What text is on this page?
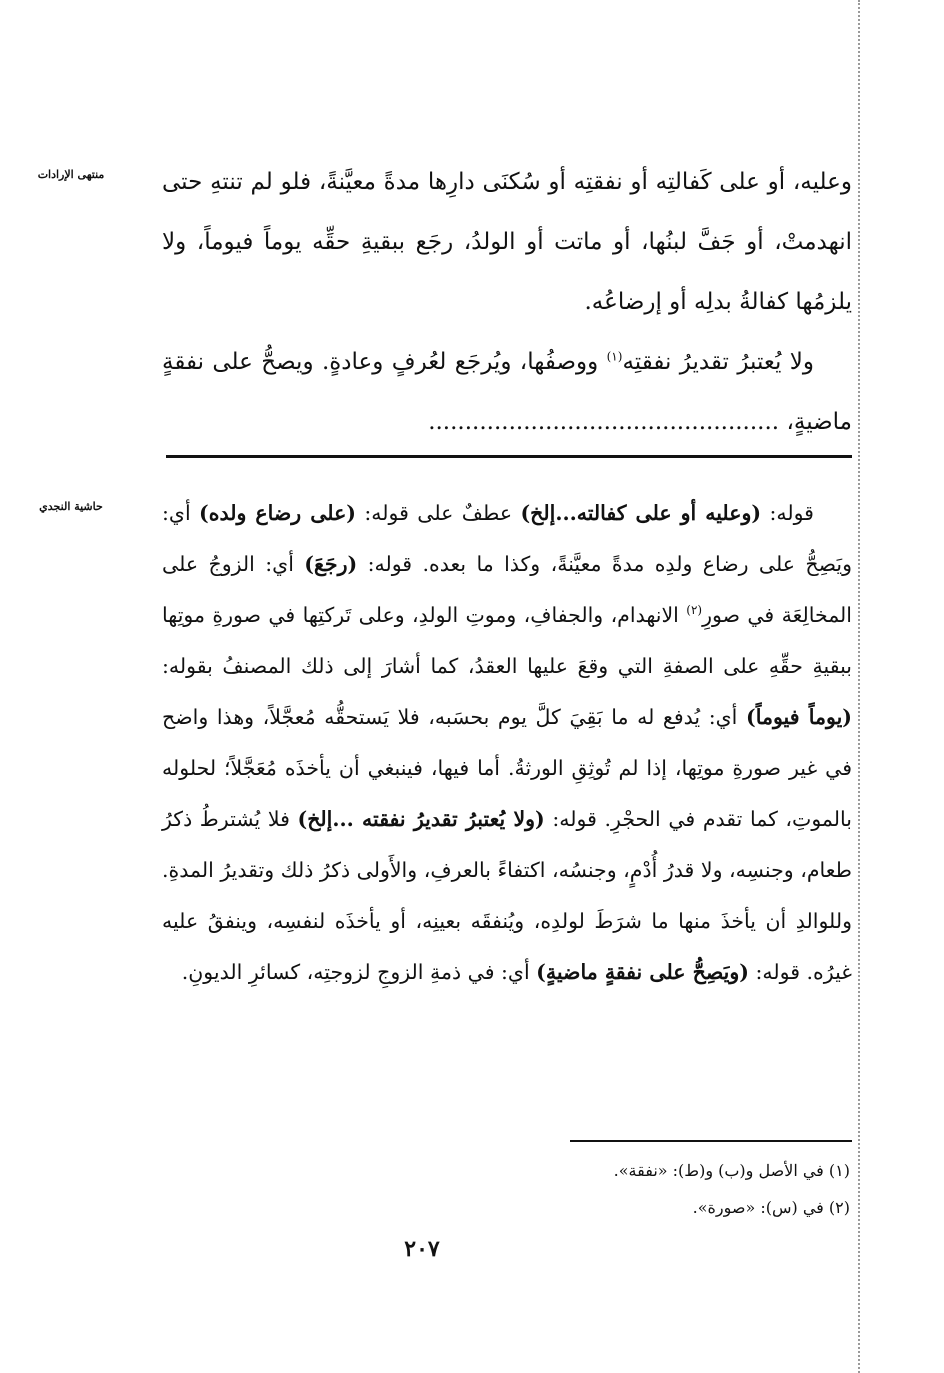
منتهى الإرادات
حاشية النجدي

وعليه، أو على كَفالتِه أو نفقتِه أو سُكنَى دارِها مدةً معيَّنةً، فلو لم تنتهِ حتى انهدمتْ، أو جَفَّ لبنُها، أو ماتت أو الولدُ، رجَع ببقيةِ حقِّه يوماً فيوماً، ولا يلزمُها كفالةُ بدلِه أو إرضاعُه.

ولا يُعتبرُ تقديرُ نفقتِه$^{(١)}$ ووصفُها، ويُرجَع لعُرفٍ وعادةٍ. ويصحُّ على نفقةٍ ماضيةٍ، ................................................

قوله: (وعليه أو على كفالته...إلخ) عطفٌ على قوله: (على رضاع ولده) أي: ويَصِحُّ على رضاع ولدِه مدةً معيَّنةً، وكذا ما بعده. قوله: (رجَعَ) أي: الزوجُ على المخالِعَة في صورِ$^{(٢)}$ الانهدام، والجفافِ، وموتِ الولدِ، وعلى تَركتِها في صورةِ موتِها ببقيةِ حقِّهِ على الصفةِ التي وقعَ عليها العقدُ، كما أشارَ إلى ذلك المصنفُ بقوله: (يوماً فيوماً) أي: يُدفع له ما بَقِيَ كلَّ يوم بحسَبه، فلا يَستحقُّه مُعجَّلاً، وهذا واضح في غير صورةِ موتِها، إذا لم تُوثِقِ الورثةُ. أما فيها، فينبغي أن يأخذَه مُعَجَّلاً؛ لحلوله بالموتِ، كما تقدم في الحجْرِ. قوله: (ولا يُعتبرُ تقديرُ نفقته ...إلخ) فلا يُشترطُ ذكرُ طعام، وجنسِه، ولا قدرُ أُدْمٍ، وجنسُه، اكتفاءً بالعرفِ، والأَولى ذكرُ ذلك وتقديرُ المدةِ. وللوالدِ أن يأخذَ منها ما شرَطَ لولدِه، ويُنفقَه بعينِه، أو يأخذَه لنفسِه، وينفقُ عليه غيرُه. قوله: (ويَصِحُّ على نفقةٍ ماضيةٍ) أي: في ذمةِ الزوجِ لزوجتِه، كسائرِ الديونِ.

(١) في الأصل و(ب) و(ط): «نفقة».
(٢) في (س): «صورة».
٢٠٧
